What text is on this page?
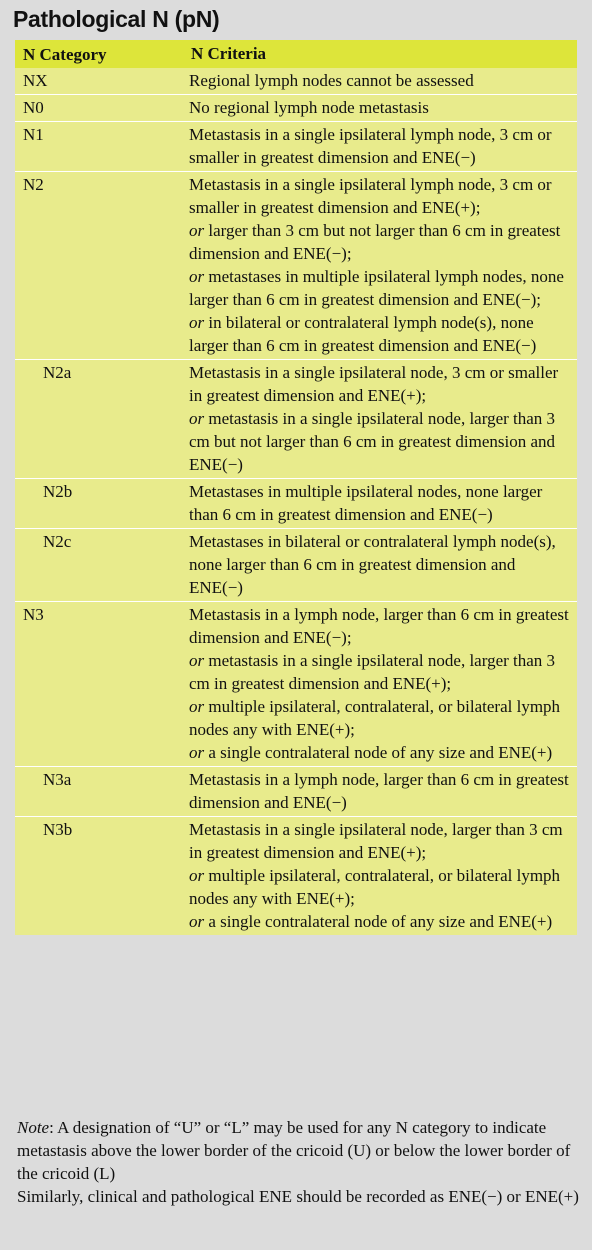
Pathological N (pN)
N Category	N Criteria
NX	Regional lymph nodes cannot be assessed
N0	No regional lymph node metastasis
N1	Metastasis in a single ipsilateral lymph node, 3 cm or smaller in greatest dimension and ENE(−)
N2	Metastasis in a single ipsilateral lymph node, 3 cm or smaller in greatest dimension and ENE(+);
or larger than 3 cm but not larger than 6 cm in greatest dimension and ENE(−);
or metastases in multiple ipsilateral lymph nodes, none larger than 6 cm in greatest dimension and ENE(−);
or in bilateral or contralateral lymph node(s), none larger than 6 cm in greatest dimension and ENE(−)
N2a	Metastasis in a single ipsilateral node, 3 cm or smaller in greatest dimension and ENE(+);
or metastasis in a single ipsilateral node, larger than 3 cm but not larger than 6 cm in greatest dimension and ENE(−)
N2b	Metastases in multiple ipsilateral nodes, none larger than 6 cm in greatest dimension and ENE(−)
N2c	Metastases in bilateral or contralateral lymph node(s), none larger than 6 cm in greatest dimension and ENE(−)
N3	Metastasis in a lymph node, larger than 6 cm in greatest dimension and ENE(−);
or metastasis in a single ipsilateral node, larger than 3 cm in greatest dimension and ENE(+);
or multiple ipsilateral, contralateral, or bilateral lymph nodes any with ENE(+);
or a single contralateral node of any size and ENE(+)
N3a	Metastasis in a lymph node, larger than 6 cm in greatest dimension and ENE(−)
N3b	Metastasis in a single ipsilateral node, larger than 3 cm in greatest dimension and ENE(+);
or multiple ipsilateral, contralateral, or bilateral lymph nodes any with ENE(+);
or a single contralateral node of any size and ENE(+)

Note: A designation of “U” or “L” may be used for any N category to indicate metastasis above the lower border of the cricoid (U) or below the lower border of the cricoid (L)

Similarly, clinical and pathological ENE should be recorded as ENE(−) or ENE(+)
